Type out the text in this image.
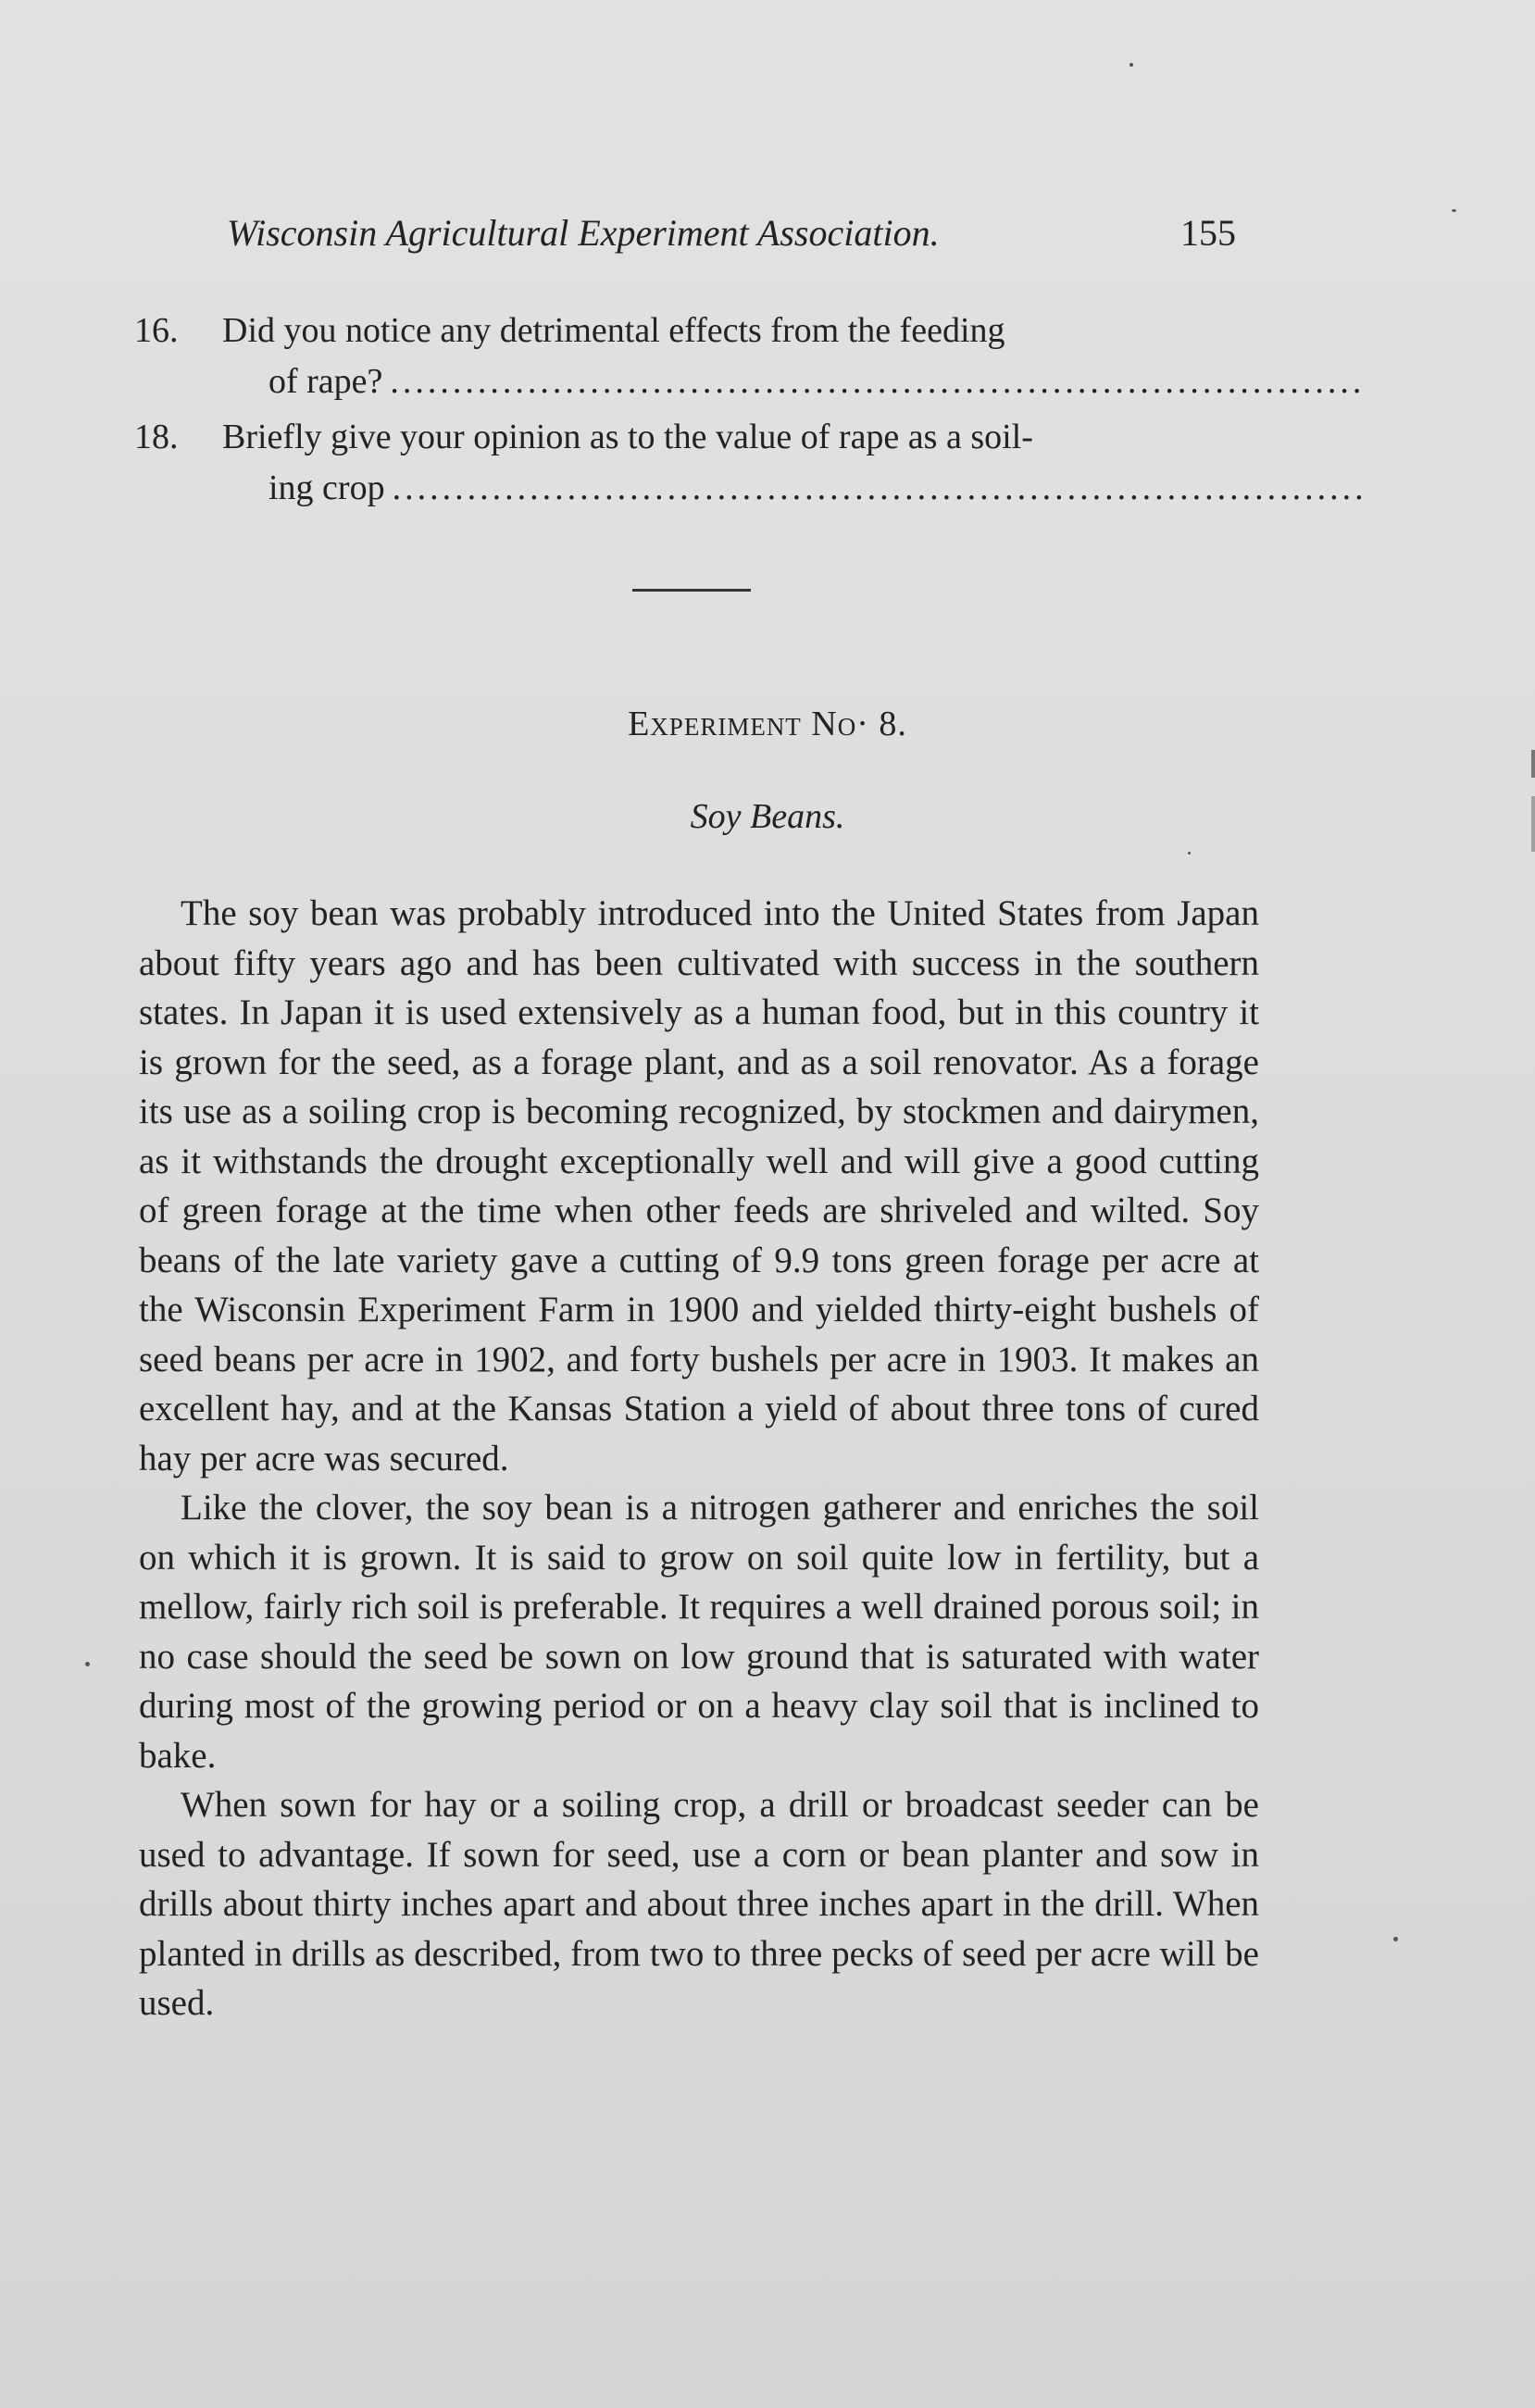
Wisconsin Agricultural Experiment Association.	155
16. Did you notice any detrimental effects from the feeding
of rape? ..............................................................................
18. Briefly give your opinion as to the value of rape as a soil-
ing crop ..............................................................................
Experiment No· 8.
Soy Beans.

The soy bean was probably introduced into the United States from Japan about fifty years ago and has been cultivated with success in the southern states. In Japan it is used extensively as a human food, but in this country it is grown for the seed, as a forage plant, and as a soil renovator. As a forage its use as a soiling crop is becoming recognized, by stockmen and dairymen, as it withstands the drought exceptionally well and will give a good cutting of green forage at the time when other feeds are shriveled and wilted. Soy beans of the late variety gave a cutting of 9.9 tons green forage per acre at the Wisconsin Experiment Farm in 1900 and yielded thirty-eight bushels of seed beans per acre in 1902, and forty bushels per acre in 1903. It makes an excellent hay, and at the Kansas Station a yield of about three tons of cured hay per acre was secured.

Like the clover, the soy bean is a nitrogen gatherer and enriches the soil on which it is grown. It is said to grow on soil quite low in fertility, but a mellow, fairly rich soil is preferable. It requires a well drained porous soil; in no case should the seed be sown on low ground that is saturated with water during most of the growing period or on a heavy clay soil that is inclined to bake.

When sown for hay or a soiling crop, a drill or broadcast seeder can be used to advantage. If sown for seed, use a corn or bean planter and sow in drills about thirty inches apart and about three inches apart in the drill. When planted in drills as described, from two to three pecks of seed per acre will be used.
